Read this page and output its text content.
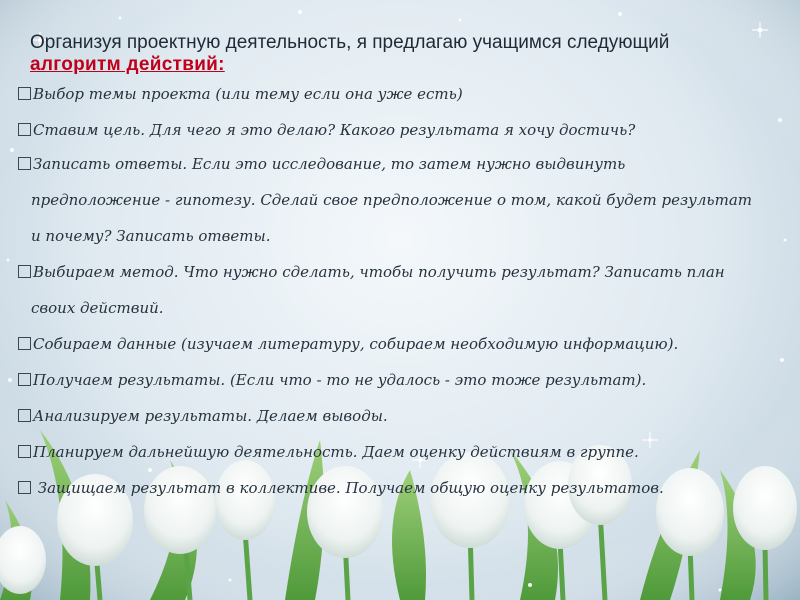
Организуя проектную деятельность, я предлагаю учащимся следующий
алгоритм действий:
Выбор темы проекта (или тему если она уже есть)
Ставим цель. Для чего я это делаю? Какого результата я хочу достичь?
Записать ответы. Если это исследование, то затем нужно выдвинуть
предположение - гипотезу. Сделай свое предположение о том, какой будет результат
и почему? Записать ответы.
Выбираем метод. Что нужно сделать, чтобы получить результат? Записать план
своих действий.
Собираем данные (изучаем литературу, собираем необходимую информацию).
Получаем результаты. (Если что - то не удалось - это тоже результат).
Анализируем результаты. Делаем выводы.
Планируем дальнейшую деятельность. Даем оценку действиям в группе.
Защищаем результат в коллективе. Получаем общую оценку результатов.
